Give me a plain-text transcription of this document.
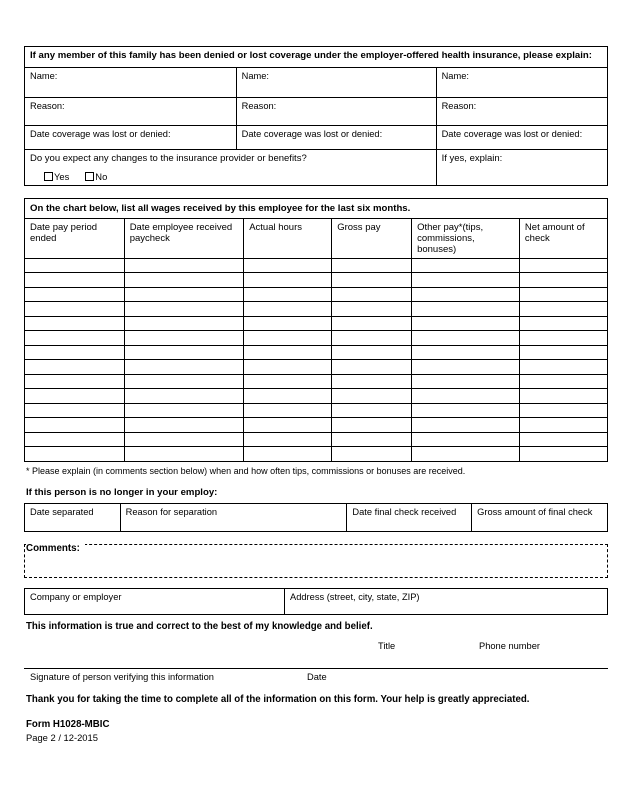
If any member of this family has been denied or lost coverage under the employer-offered health insurance, please explain:		
Name:	Name:	Name:
Reason:	Reason:	Reason:
Date coverage was lost or denied:	Date coverage was lost or denied:	Date coverage was lost or denied:
Do you expect any changes to the insurance provider or benefits?
Yes No		If yes, explain:
On the chart below, list all wages received by this employee for the last six months.					
Date pay period ended	Date employee received paycheck	Actual hours	Gross pay	Other pay*(tips, commissions, bonuses)	Net amount of check

* Please explain (in comments section below) when and how often tips, commissions or bonuses are received.
If this person is no longer in your employ:
Date separated	Reason for separation	Date final check received	Gross amount of final check
Comments:
Company or employer	Address (street, city, state, ZIP)
This information is true and correct to the best of my knowledge and belief.
Title	Phone number
Signature of person verifying this information	Date
Thank you for taking the time to complete all of the information on this form. Your help is greatly appreciated.
Form H1028-MBIC
Page 2 / 12-2015
